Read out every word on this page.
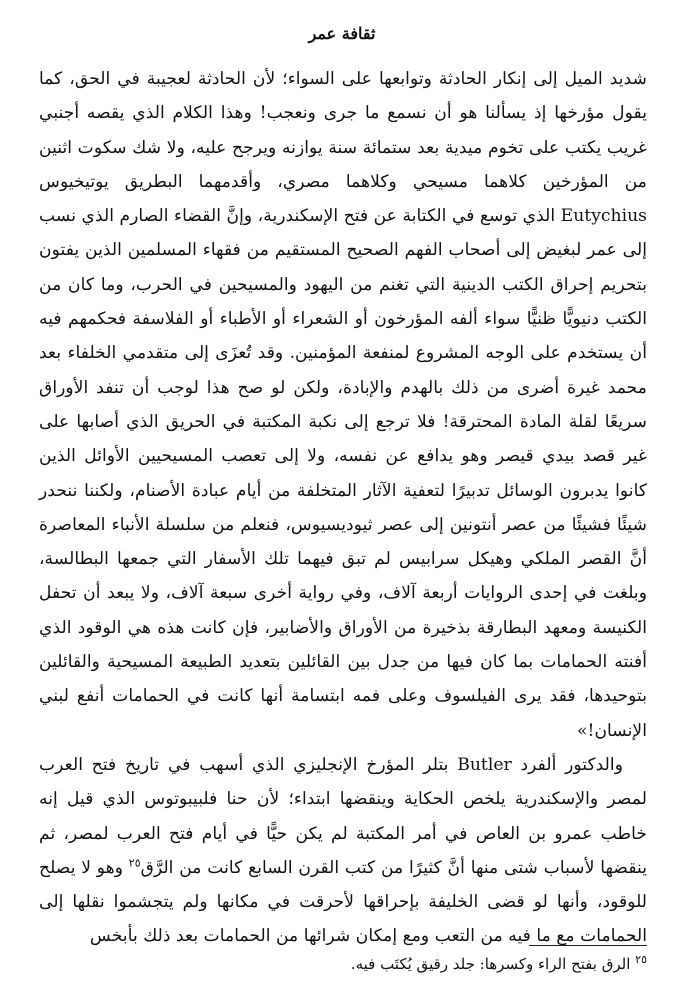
ثقافة عمر

شديد الميل إلى إنكار الحادثة وتوابعها على السواء؛ لأن الحادثة لعجيبة في الحق، كما يقول مؤرخها إذ يسألنا هو أن نسمع ما جرى ونعجب! وهذا الكلام الذي يقصه أجنبي غريب يكتب على تخوم ميدية بعد ستمائة سنة يوازنه ويرجح عليه، ولا شك سكوت اثنين من المؤرخين كلاهما مسيحي وكلاهما مصري، وأقدمهما البطريق يوتيخيوس Eutychius الذي توسع في الكتابة عن فتح الإسكندرية، وإنَّ القضاء الصارم الذي نسب إلى عمر لبغيض إلى أصحاب الفهم الصحيح المستقيم من فقهاء المسلمين الذين يفتون بتحريم إحراق الكتب الدينية التي تغنم من اليهود والمسيحين في الحرب، وما كان من الكتب دنيويًّا ظنيًّا سواء ألفه المؤرخون أو الشعراء أو الأطباء أو الفلاسفة فحكمهم فيه أن يستخدم على الوجه المشروع لمنفعة المؤمنين. وقد تُعزَى إلى متقدمي الخلفاء بعد محمد غيرة أضرى من ذلك بالهدم والإبادة، ولكن لو صح هذا لوجب أن تنفد الأوراق سريعًا لقلة المادة المحترقة! فلا ترجع إلى نكبة المكتبة في الحريق الذي أصابها على غير قصد بيدي قيصر وهو يدافع عن نفسه، ولا إلى تعصب المسيحيين الأوائل الذين كانوا يدبرون الوسائل تدبيرًا لتعفية الآثار المتخلفة من أيام عبادة الأصنام، ولكننا ننحدر شيئًا فشيئًا من عصر أنتونين إلى عصر ثيوديسيوس، فنعلم من سلسلة الأنباء المعاصرة أنَّ القصر الملكي وهيكل سرابيس لم تبق فيهما تلك الأسفار التي جمعها البطالسة، وبلغت في إحدى الروايات أربعة آلاف، وفي رواية أخرى سبعة آلاف، ولا يبعد أن تحفل الكنيسة ومعهد البطارقة بذخيرة من الأوراق والأضابير، فإن كانت هذه هي الوقود الذي أفنته الحمامات بما كان فيها من جدل بين القائلين بتعديد الطبيعة المسيحية والقائلين بتوحيدها، فقد يرى الفيلسوف وعلى فمه ابتسامة أنها كانت في الحمامات أنفع لبني الإنسان!»

والدكتور ألفرد Butler بتلر المؤرخ الإنجليزي الذي أسهب في تاريخ فتح العرب لمصر والإسكندرية يلخص الحكاية وينقضها ابتداء؛ لأن حنا فلبيبوتوس الذي قيل إنه خاطب عمرو بن العاص في أمر المكتبة لم يكن حيًّا في أيام فتح العرب لمصر، ثم ينقضها لأسباب شتى منها أنَّ كثيرًا من كتب القرن السابع كانت من الرَّق$^{٢٥}$ وهو لا يصلح للوقود، وأنها لو قضى الخليفة بإحراقها لأحرقت في مكانها ولم يتجشموا نقلها إلى الحمامات مع ما فيه من التعب ومع إمكان شرائها من الحمامات بعد ذلك بأبخس

$^{٢٥}$ الرق بفتح الراء وكسرها: جلد رقيق يُكتَب فيه.
